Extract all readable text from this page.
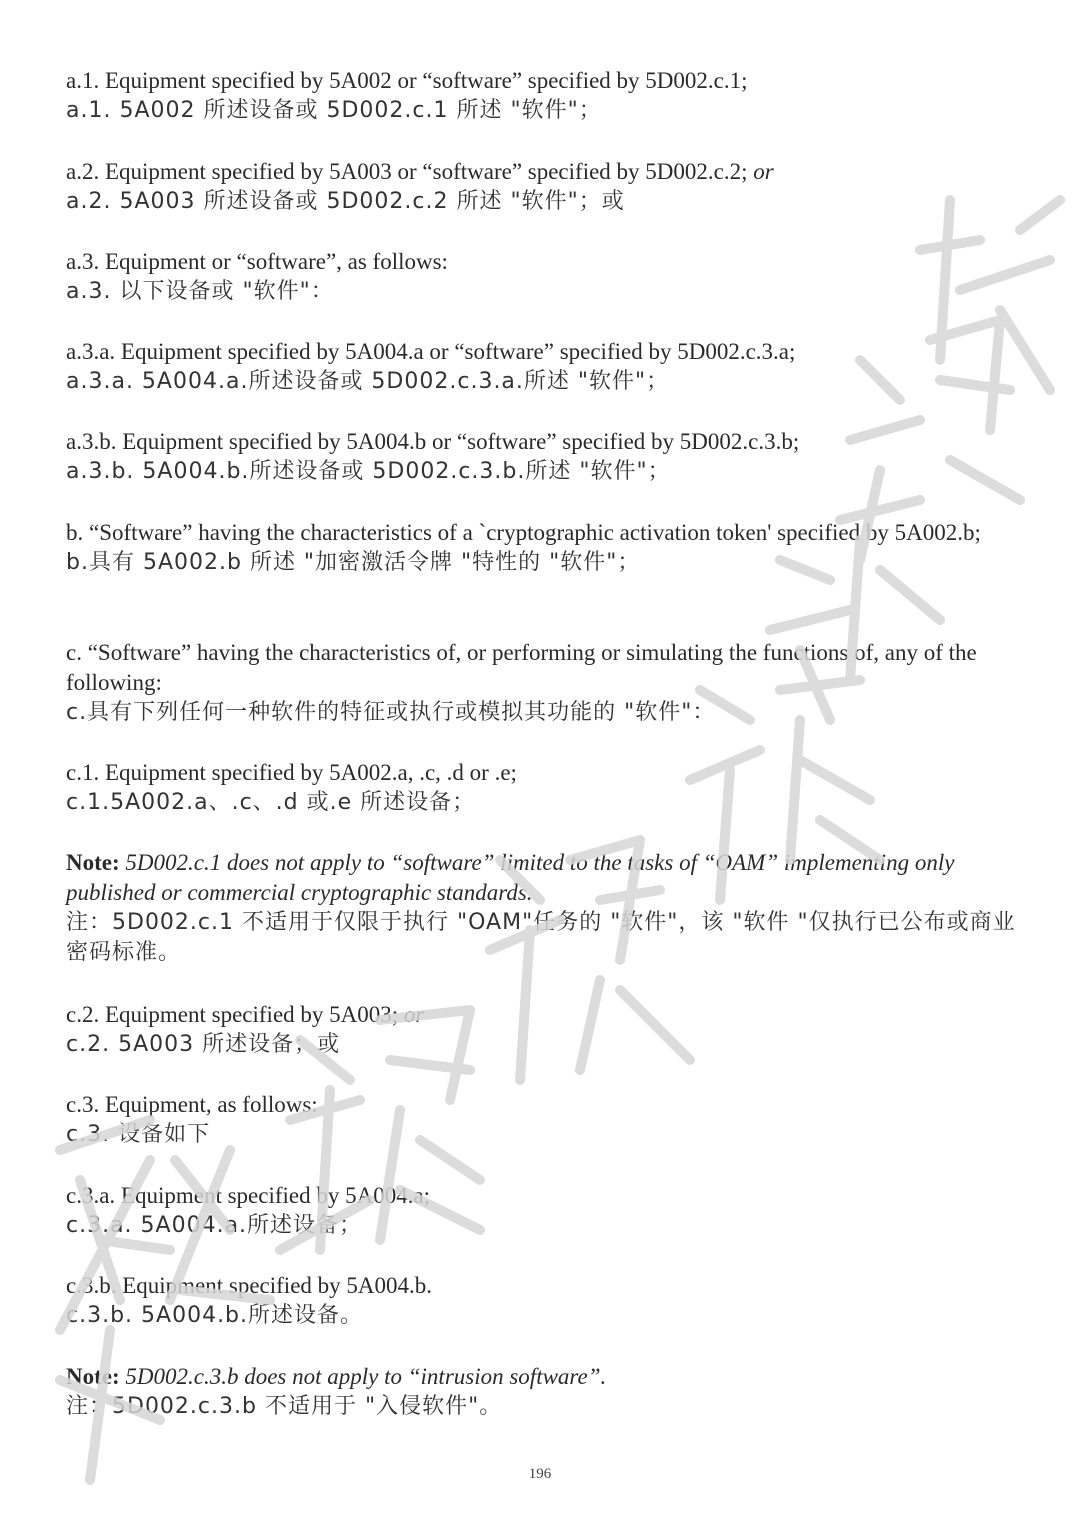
a.1. Equipment specified by 5A002 or “software” specified by 5D002.c.1;
a.1. 5A002 所述设备或 5D002.c.1 所述 "软件"；
a.2. Equipment specified by 5A003 or “software” specified by 5D002.c.2; or
a.2. 5A003 所述设备或 5D002.c.2 所述 "软件"；或
a.3. Equipment or “software”, as follows:
a.3. 以下设备或 "软件"：
a.3.a. Equipment specified by 5A004.a or “software” specified by 5D002.c.3.a;
a.3.a. 5A004.a.所述设备或 5D002.c.3.a.所述 "软件"；
a.3.b. Equipment specified by 5A004.b or “software” specified by 5D002.c.3.b;
a.3.b. 5A004.b.所述设备或 5D002.c.3.b.所述 "软件"；
b. “Software” having the characteristics of a `cryptographic activation token' specified by 5A002.b;
b.具有 5A002.b 所述 "加密激活令牌 "特性的 "软件"；
c. “Software” having the characteristics of, or performing or simulating the functions of, any of the following:
c.具有下列任何一种软件的特征或执行或模拟其功能的 "软件"：
c.1. Equipment specified by 5A002.a, .c, .d or .e;
c.1.5A002.a、.c、.d 或.e 所述设备；
Note: 5D002.c.1 does not apply to “software” limited to the tasks of “OAM” implementing only published or commercial cryptographic standards.
注：5D002.c.1 不适用于仅限于执行 "OAM"任务的 "软件"，该 "软件 "仅执行已公布或商业密码标准。
c.2. Equipment specified by 5A003; or
c.2. 5A003 所述设备；或
c.3. Equipment, as follows:
c.3. 设备如下
c.3.a. Equipment specified by 5A004.a;
c.3.a. 5A004.a.所述设备；
c.3.b. Equipment specified by 5A004.b.
c.3.b. 5A004.b.所述设备。
Note: 5D002.c.3.b does not apply to “intrusion software”.
注：5D002.c.3.b 不适用于 "入侵软件"。
196
